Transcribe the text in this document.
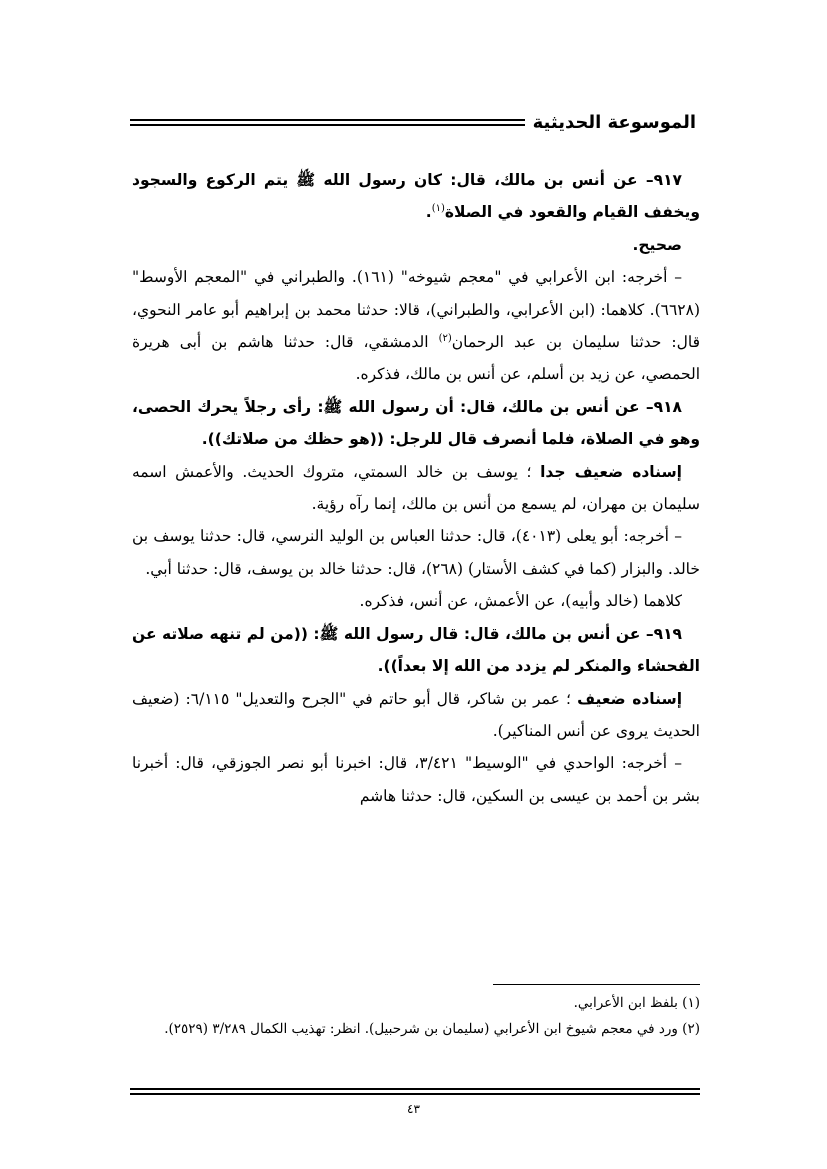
الموسوعة الحديثية

٩١٧– عن أنس بن مالك، قال: كان رسول الله ﷺ يتم الركوع والسجود ويخفف القيام والقعود في الصلاة$^{(١)}$.

صحيح.

– أخرجه: ابن الأعرابي في "معجم شيوخه" (١٦١). والطبراني في "المعجم الأوسط" (٦٦٢٨). كلاهما: (ابن الأعرابي، والطبراني)، قالا: حدثنا محمد بن إبراهيم أبو عامر النحوي، قال: حدثنا سليمان بن عبد الرحمان$^{(٢)}$ الدمشقي، قال: حدثنا هاشم بن أبى هريرة الحمصي، عن زيد بن أسلم، عن أنس بن مالك، فذكره.

٩١٨– عن أنس بن مالك، قال: أن رسول الله ﷺ: رأى رجلاً يحرك الحصى، وهو في الصلاة، فلما أنصرف قال للرجل: ((هو حظك من صلاتك)).

إسناده ضعيف جدا ؛ يوسف بن خالد السمتي، متروك الحديث. والأعمش اسمه سليمان بن مهران، لم يسمع من أنس بن مالك، إنما رآه رؤية.

– أخرجه: أبو يعلى (٤٠١٣)، قال: حدثنا العباس بن الوليد النرسي، قال: حدثنا يوسف بن خالد. والبزار (كما في كشف الأستار) (٢٦٨)، قال: حدثنا خالد بن يوسف، قال: حدثنا أبي.

كلاهما (خالد وأبيه)، عن الأعمش، عن أنس، فذكره.

٩١٩– عن أنس بن مالك، قال: قال رسول الله ﷺ: ((من لم تنهه صلاته عن الفحشاء والمنكر لم يزدد من الله إلا بعداً)).

إسناده ضعيف ؛ عمر بن شاكر، قال أبو حاتم في "الجرح والتعديل" ٦/١١٥: (ضعيف الحديث يروى عن أنس المناكير).

– أخرجه: الواحدي في "الوسيط" ٣/٤٢١، قال: اخبرنا أبو نصر الجوزقي، قال: أخبرنا بشر بن أحمد بن عيسى بن السكين، قال: حدثنا هاشم

(١) بلفظ ابن الأعرابي.

(٢) ورد في معجم شيوخ ابن الأعرابي (سليمان بن شرحبيل). انظر: تهذيب الكمال ٣/٢٨٩ (٢٥٢٩).

٤٣
